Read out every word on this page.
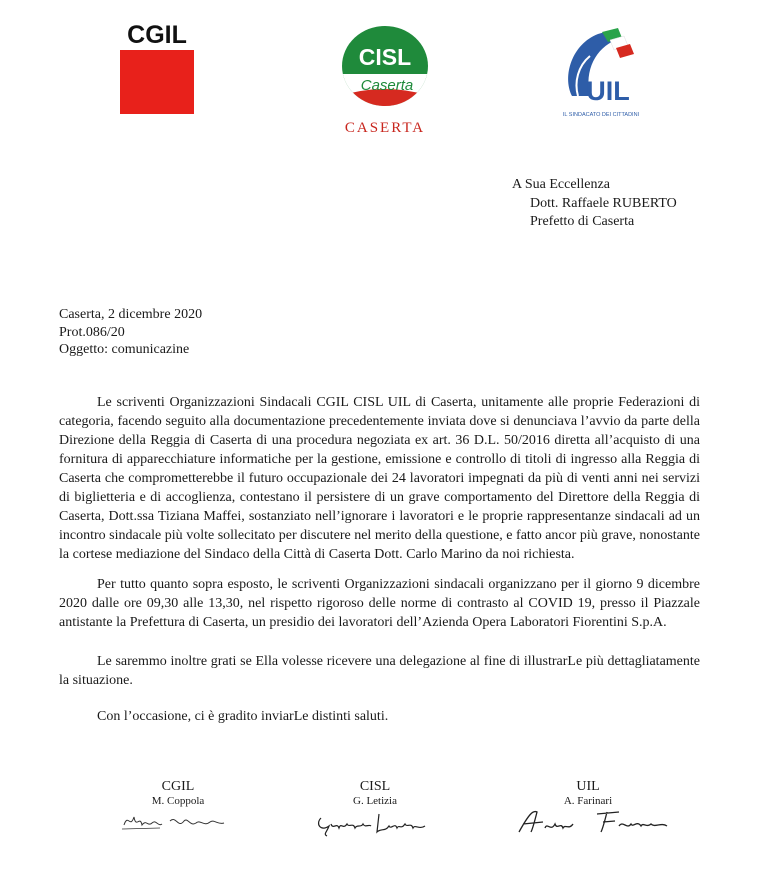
CGIL
CISL
Caserta
CASERTA
UIL
IL SINDACATO DEI CITTADINI
A Sua Eccellenza
Dott. Raffaele RUBERTO
Prefetto di Caserta
Caserta, 2 dicembre 2020
Prot.086/20
Oggetto: comunicazine
Le scriventi Organizzazioni Sindacali CGIL CISL UIL di Caserta, unitamente alle proprie Federazioni di categoria, facendo seguito alla documentazione precedentemente inviata dove si denunciava l’avvio da parte della Direzione della Reggia di Caserta di una procedura negoziata ex art. 36 D.L. 50/2016 diretta all’acquisto di una fornitura di apparecchiature informatiche per la gestione, emissione e controllo di titoli di ingresso alla Reggia di Caserta che comprometterebbe il futuro occupazionale dei 24 lavoratori impegnati da più di venti anni nei servizi di biglietteria e di accoglienza, contestano il persistere di un grave comportamento del Direttore della Reggia di Caserta, Dott.ssa Tiziana Maffei, sostanziato nell’ignorare i lavoratori e le proprie rappresentanze sindacali ad un incontro sindacale più volte sollecitato per discutere nel merito della questione, e fatto ancor più grave, nonostante la cortese mediazione del Sindaco della Città di Caserta Dott. Carlo Marino da noi richiesta.
Per tutto quanto sopra esposto, le scriventi Organizzazioni sindacali organizzano per il giorno 9 dicembre 2020 dalle ore 09,30 alle 13,30, nel rispetto rigoroso delle norme di contrasto al COVID 19, presso il Piazzale antistante la Prefettura di Caserta, un presidio dei lavoratori dell’Azienda Opera Laboratori Fiorentini S.p.A.
Le saremmo inoltre grati se Ella volesse ricevere una delegazione al fine di illustrarLe più dettagliatamente la situazione.
Con l’occasione, ci è gradito inviarLe distinti saluti.
CGIL
M. Coppola
CISL
G. Letizia
UIL
A. Farinari
